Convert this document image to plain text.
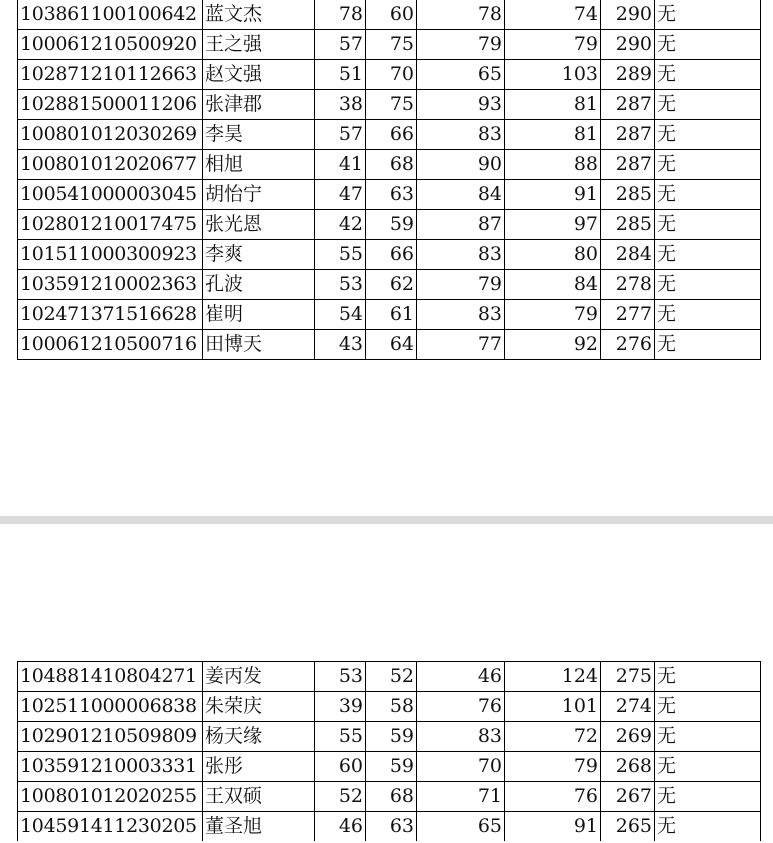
103861100100642	蓝文杰	78	60	78	74	290	无
100061210500920	王之强	57	75	79	79	290	无
102871210112663	赵文强	51	70	65	103	289	无
102881500011206	张津郡	38	75	93	81	287	无
100801012030269	李昊	57	66	83	81	287	无
100801012020677	相旭	41	68	90	88	287	无
100541000003045	胡怡宁	47	63	84	91	285	无
102801210017475	张光恩	42	59	87	97	285	无
101511000300923	李爽	55	66	83	80	284	无
103591210002363	孔波	53	62	79	84	278	无
102471371516628	崔明	54	61	83	79	277	无
100061210500716	田博天	43	64	77	92	276	无
104881410804271	姜丙发	53	52	46	124	275	无
102511000006838	朱荣庆	39	58	76	101	274	无
102901210509809	杨天缘	55	59	83	72	269	无
103591210003331	张彤	60	59	70	79	268	无
100801012020255	王双硕	52	68	71	76	267	无
104591411230205	董圣旭	46	63	65	91	265	无
